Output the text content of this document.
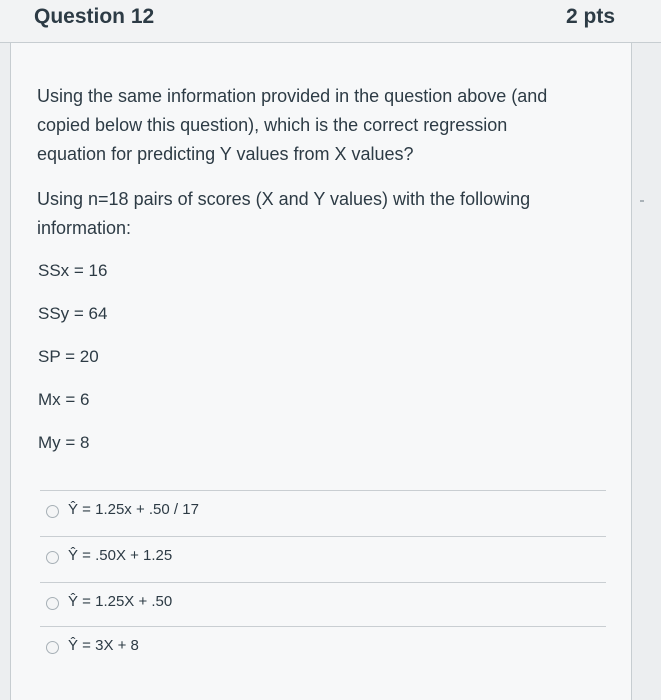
Question 12	2 pts
Using the same information provided in the question above (and
copied below this question), which is the correct regression
equation for predicting Y values from X values?
Using n=18 pairs of scores (X and Y values) with the following
information:
SSx = 16
SSy = 64
SP = 20
Mx = 6
My = 8
Ŷ = 1.25x + .50 / 17
Ŷ = .50X + 1.25
Ŷ = 1.25X + .50
Ŷ = 3X + 8
